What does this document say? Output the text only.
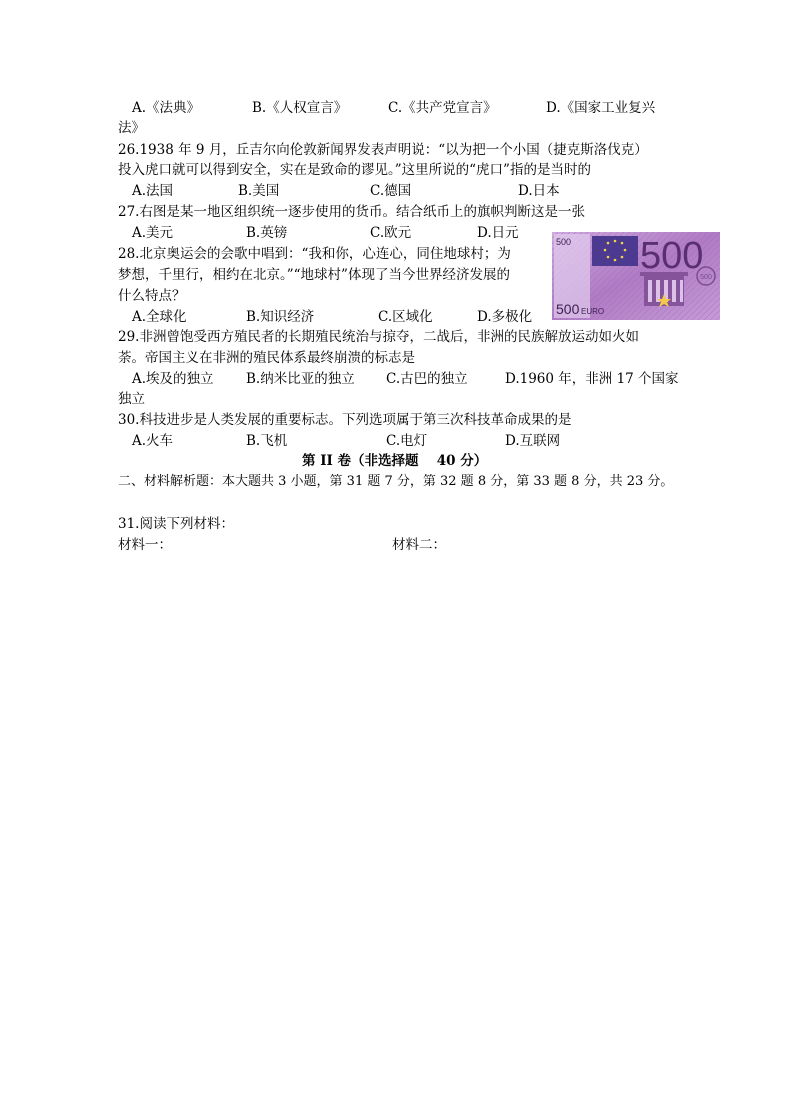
A.《法典》	B.《人权宣言》	C.《共产党宣言》	D.《国家工业复兴
法》
26.1938 年 9 月，丘吉尔向伦敦新闻界发表声明说：“以为把一个小国（捷克斯洛伐克）
投入虎口就可以得到安全，实在是致命的谬见。”这里所说的“虎口”指的是当时的
A.法国	B.美国	C.德国	D.日本
27.右图是某一地区组织统一逐步使用的货币。结合纸币上的旗帜判断这是一张
A.美元	B.英镑	C.欧元	D.日元
28.北京奥运会的会歌中唱到：“我和你，心连心，同住地球村；为
梦想，千里行，相约在北京。”“地球村”体现了当今世界经济发展的
什么特点？
A.全球化	B.知识经济	C.区域化	D.多极化
500
500
500 EURO
500
29.非洲曾饱受西方殖民者的长期殖民统治与掠夺，二战后，非洲的民族解放运动如火如
荼。帝国主义在非洲的殖民体系最终崩溃的标志是
A.埃及的独立 B.纳米比亚的独立 C.古巴的独立	D.1960 年，非洲 17 个国家
独立
30.科技进步是人类发展的重要标志。下列选项属于第三次科技革命成果的是
A.火车	B.飞机	C.电灯	D.互联网
第 II 卷（非选择题　 40 分）
二、材料解析题：本大题共 3 小题，第 31 题 7 分，第 32 题 8 分，第 33 题 8 分，共 23 分。
31.阅读下列材料：
材料一：	材料二：
